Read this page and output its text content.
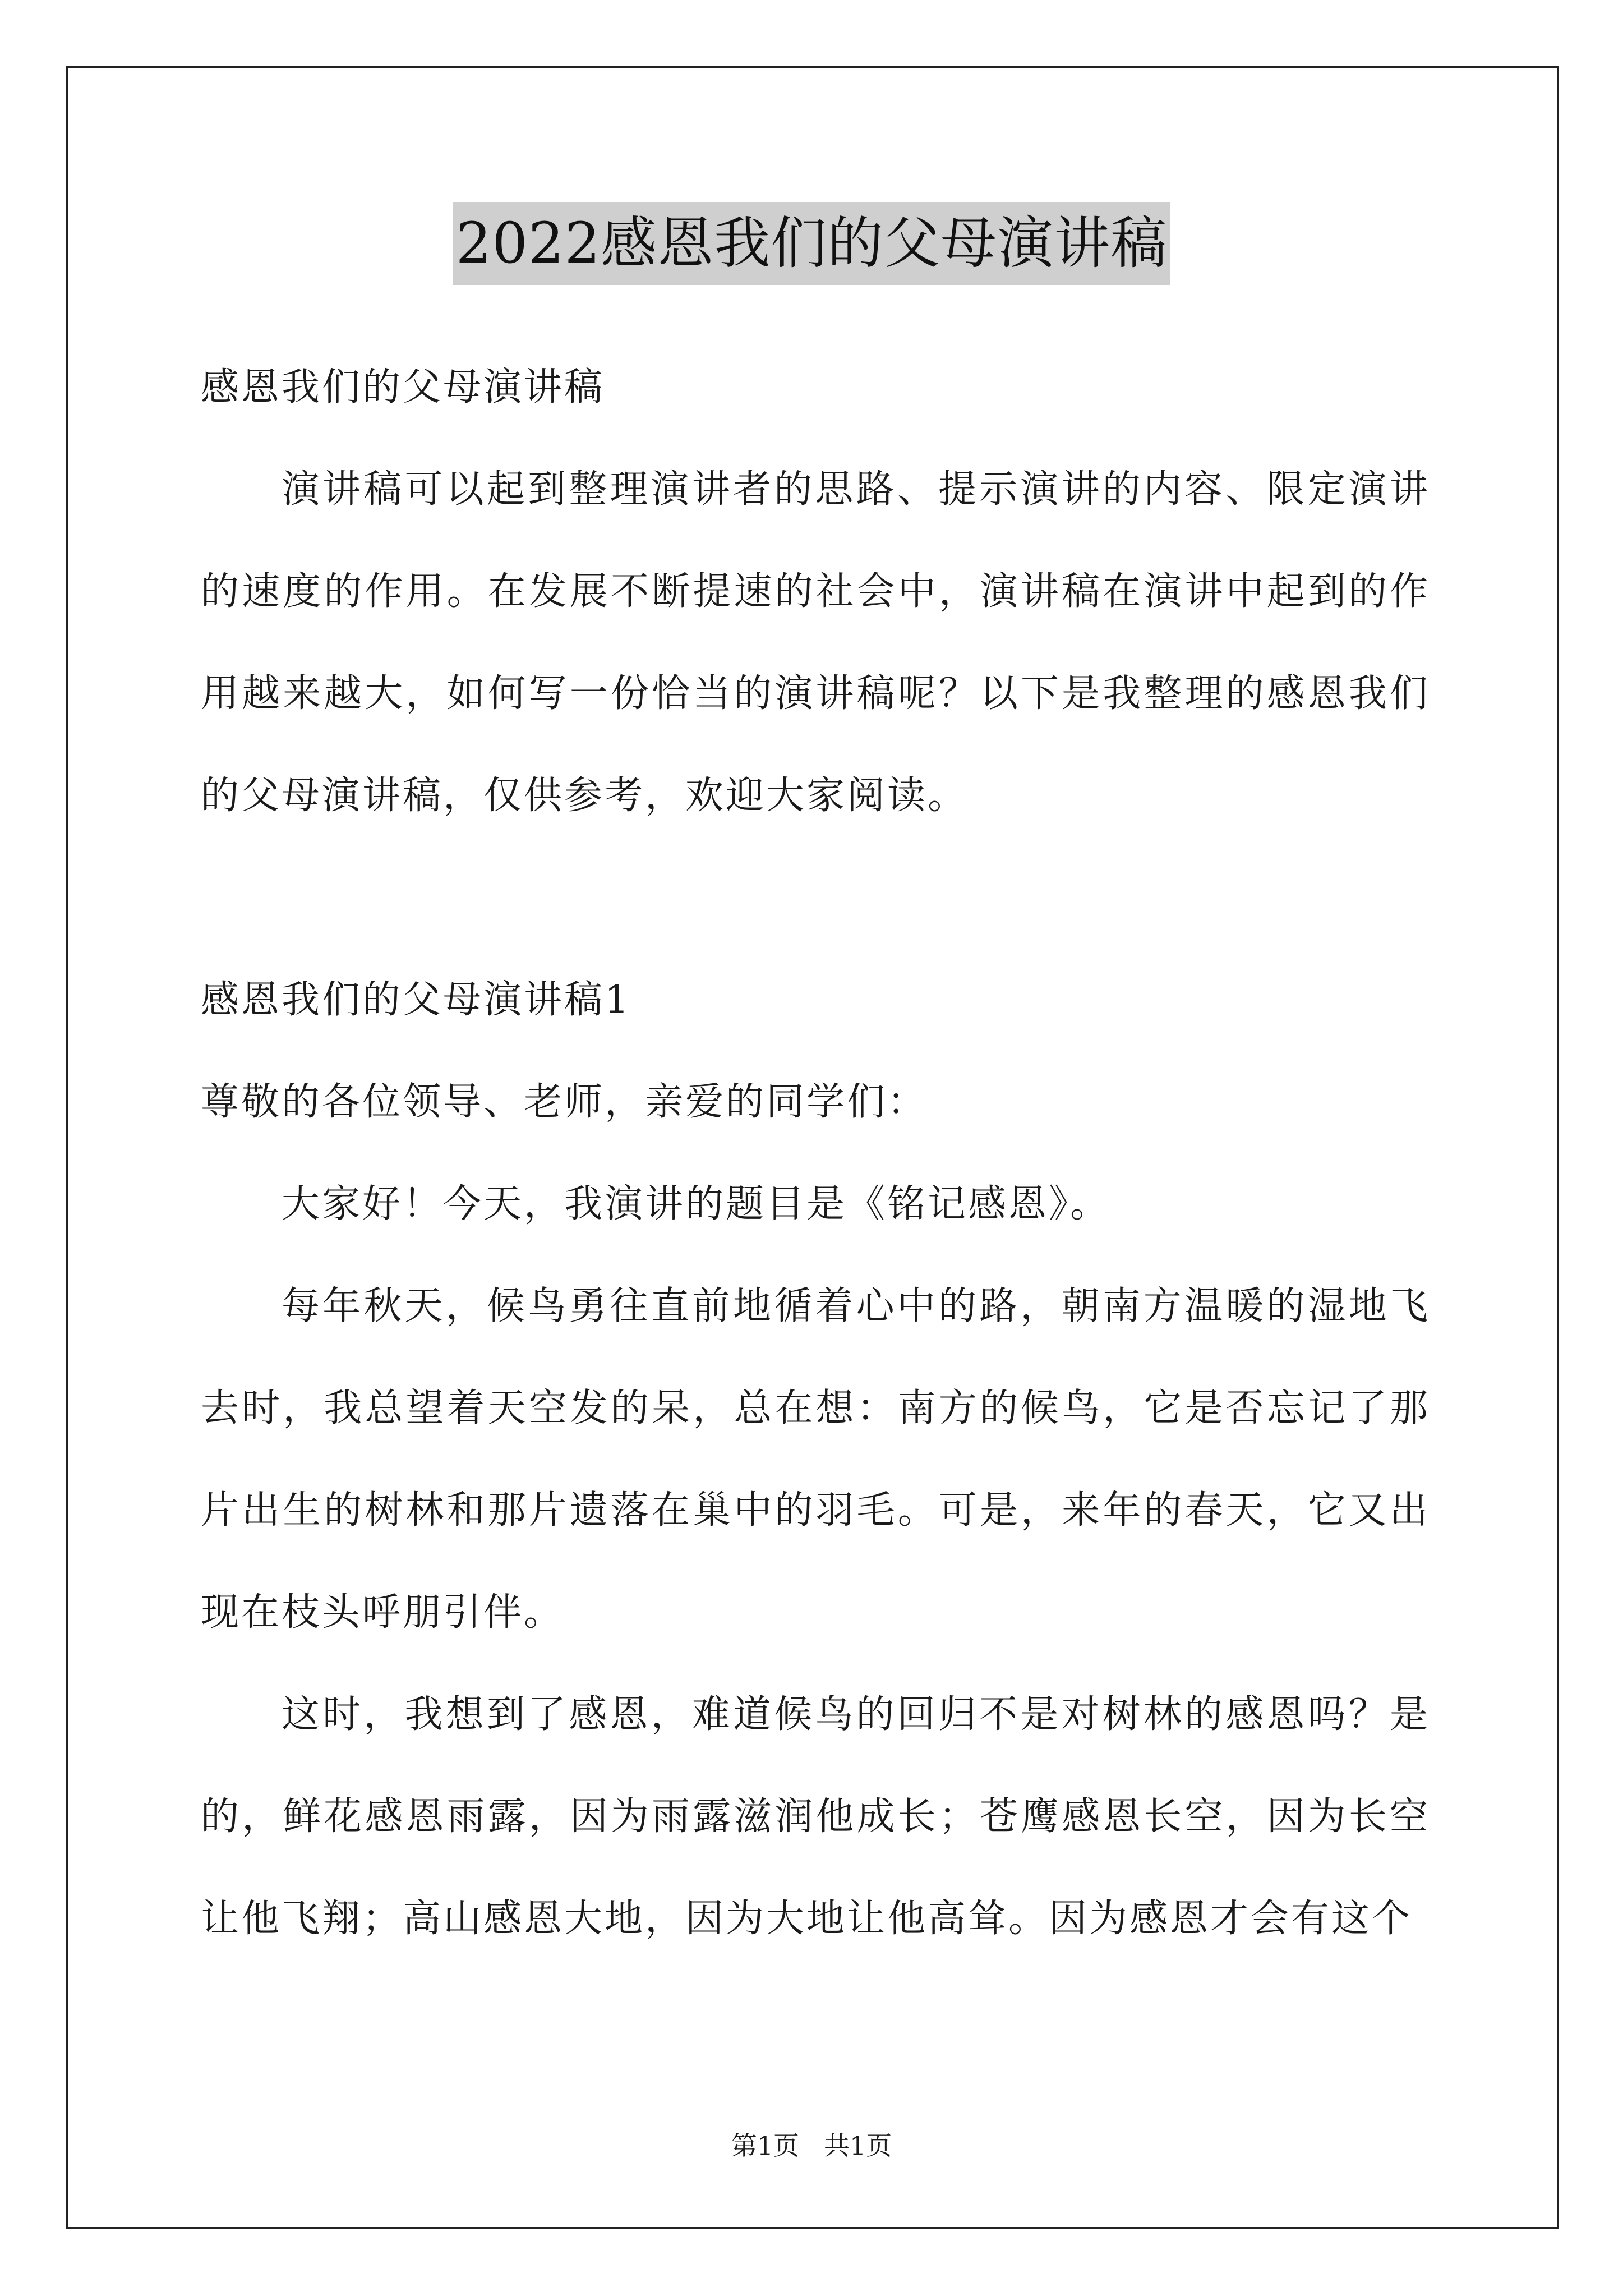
2022感恩我们的父母演讲稿

感恩我们的父母演讲稿

演讲稿可以起到整理演讲者的思路、提示演讲的内容、限定演讲的速度的作用。在发展不断提速的社会中，演讲稿在演讲中起到的作用越来越大，如何写一份恰当的演讲稿呢？以下是我整理的感恩我们的父母演讲稿，仅供参考，欢迎大家阅读。

感恩我们的父母演讲稿1

尊敬的各位领导、老师，亲爱的同学们：

大家好！今天，我演讲的题目是《铭记感恩》。

每年秋天，候鸟勇往直前地循着心中的路，朝南方温暖的湿地飞去时，我总望着天空发的呆，总在想：南方的候鸟，它是否忘记了那片出生的树林和那片遗落在巢中的羽毛。可是，来年的春天，它又出现在枝头呼朋引伴。

这时，我想到了感恩，难道候鸟的回归不是对树林的感恩吗？是的，鲜花感恩雨露，因为雨露滋润他成长；苍鹰感恩长空，因为长空让他飞翔；高山感恩大地，因为大地让他高耸。因为感恩才会有这个

第1页 共1页
